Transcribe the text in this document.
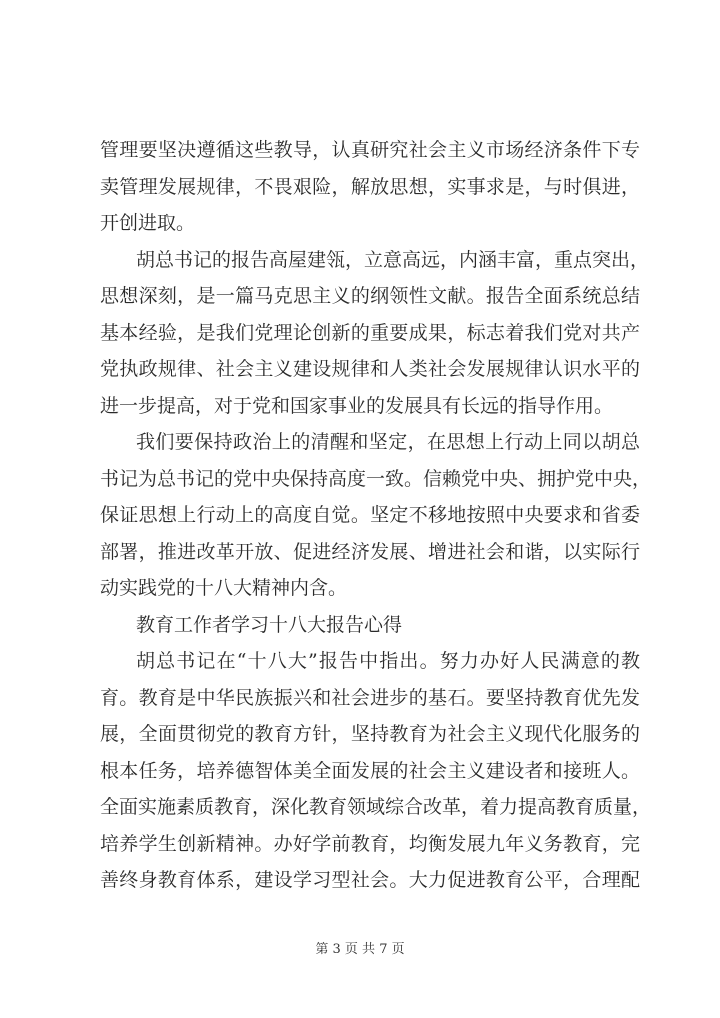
管理要坚决遵循这些教导，认真研究社会主义市场经济条件下专
卖管理发展规律，不畏艰险，解放思想，实事求是，与时俱进，
开创进取。
胡总书记的报告高屋建瓴，立意高远，内涵丰富，重点突出，
思想深刻，是一篇马克思主义的纲领性文献。报告全面系统总结
基本经验，是我们党理论创新的重要成果，标志着我们党对共产
党执政规律、社会主义建设规律和人类社会发展规律认识水平的
进一步提高，对于党和国家事业的发展具有长远的指导作用。
我们要保持政治上的清醒和坚定，在思想上行动上同以胡总
书记为总书记的党中央保持高度一致。信赖党中央、拥护党中央，
保证思想上行动上的高度自觉。坚定不移地按照中央要求和省委
部署，推进改革开放、促进经济发展、增进社会和谐，以实际行
动实践党的十八大精神内含。
教育工作者学习十八大报告心得
胡总书记在“十八大”报告中指出。努力办好人民满意的教
育。教育是中华民族振兴和社会进步的基石。要坚持教育优先发
展，全面贯彻党的教育方针，坚持教育为社会主义现代化服务的
根本任务，培养德智体美全面发展的社会主义建设者和接班人。
全面实施素质教育，深化教育领域综合改革，着力提高教育质量，
培养学生创新精神。办好学前教育，均衡发展九年义务教育，完
善终身教育体系，建设学习型社会。大力促进教育公平，合理配
第 3 页 共 7 页
